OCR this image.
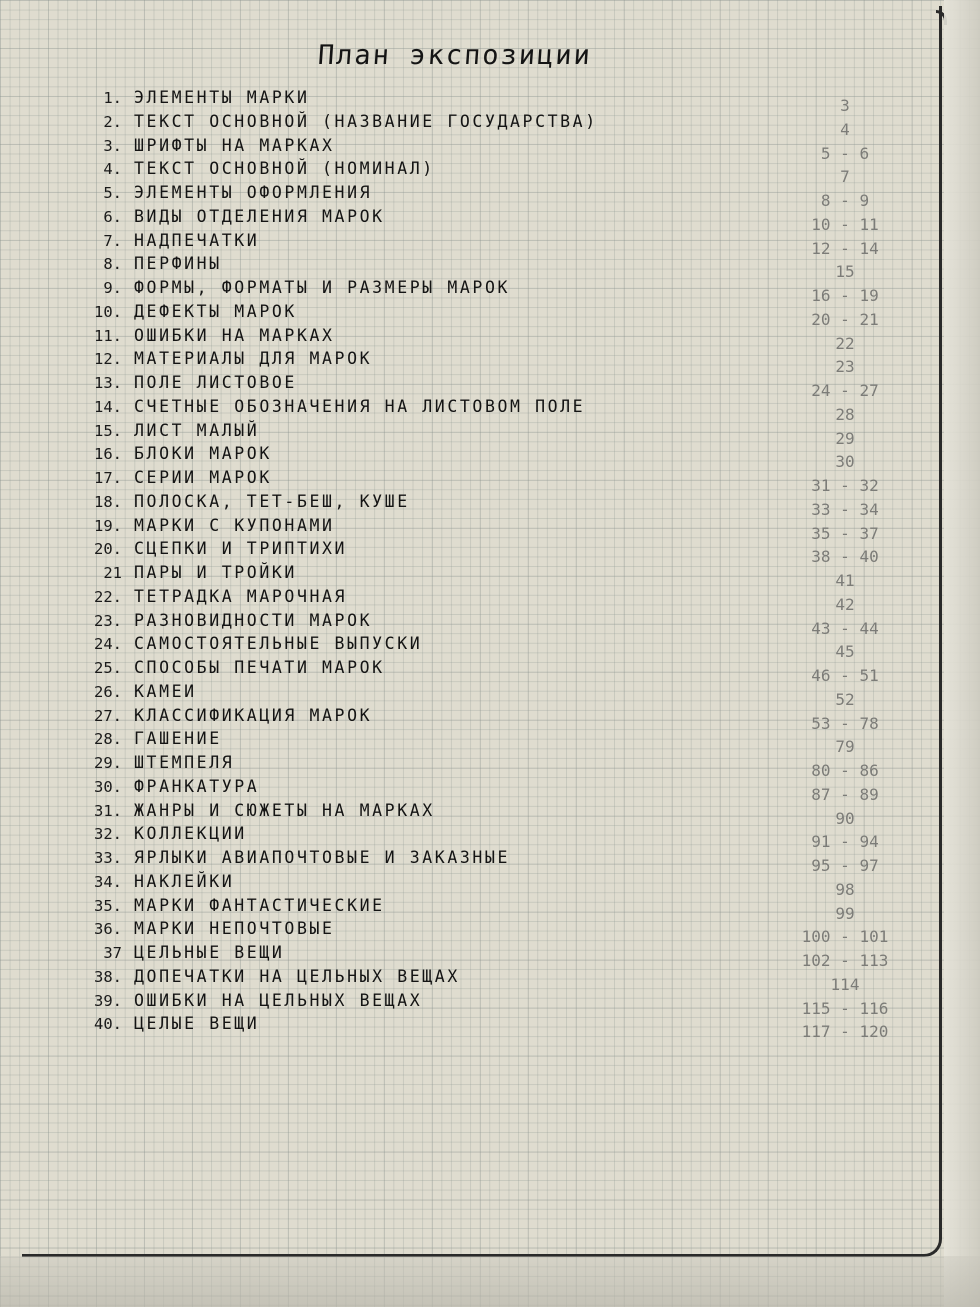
План экспозиции
1. ЭЛЕМЕНТЫ МАРКИ	3
2. ТЕКСТ ОСНОВНОЙ (НАЗВАНИЕ ГОСУДАРСТВА)	4
3. ШРИФТЫ НА МАРКАХ	5 - 6
4. ТЕКСТ ОСНОВНОЙ (НОМИНАЛ)	7
5. ЭЛЕМЕНТЫ ОФОРМЛЕНИЯ	8 - 9
6. ВИДЫ ОТДЕЛЕНИЯ МАРОК	10 - 11
7. НАДПЕЧАТКИ	12 - 14
8. ПЕРФИНЫ	15
9. ФОРМЫ, ФОРМАТЫ И РАЗМЕРЫ МАРОК	16 - 19
10. ДЕФЕКТЫ МАРОК	20 - 21
11. ОШИБКИ НА МАРКАХ	22
12. МАТЕРИАЛЫ ДЛЯ МАРОК	23
13. ПОЛЕ ЛИСТОВОЕ	24 - 27
14. СЧЕТНЫЕ ОБОЗНАЧЕНИЯ НА ЛИСТОВОМ ПОЛЕ	28
15. ЛИСТ МАЛЫЙ	29
16. БЛОКИ МАРОК	30
17. СЕРИИ МАРОК	31 - 32
18. ПОЛОСКА, ТЕТ-БЕШ, КУШЕ	33 - 34
19. МАРКИ С КУПОНАМИ	35 - 37
20. СЦЕПКИ И ТРИПТИХИ	38 - 40
21 ПАРЫ И ТРОЙКИ	41
22. ТЕТРАДКА МАРОЧНАЯ	42
23. РАЗНОВИДНОСТИ МАРОК	43 - 44
24. САМОСТОЯТЕЛЬНЫЕ ВЫПУСКИ	45
25. СПОСОБЫ ПЕЧАТИ МАРОК	46 - 51
26. КАМЕИ	52
27. КЛАССИФИКАЦИЯ МАРОК	53 - 78
28. ГАШЕНИЕ	79
29. ШТЕМПЕЛЯ	80 - 86
30. ФРАНКАТУРА	87 - 89
31. ЖАНРЫ И СЮЖЕТЫ НА МАРКАХ	90
32. КОЛЛЕКЦИИ	91 - 94
33. ЯРЛЫКИ АВИАПОЧТОВЫЕ И ЗАКАЗНЫЕ	95 - 97
34. НАКЛЕЙКИ	98
35. МАРКИ ФАНТАСТИЧЕСКИЕ	99
36. МАРКИ НЕПОЧТОВЫЕ	100 - 101
37 ЦЕЛЬНЫЕ ВЕЩИ	102 - 113
38. ДОПЕЧАТКИ НА ЦЕЛЬНЫХ ВЕЩАХ	114
39. ОШИБКИ НА ЦЕЛЬНЫХ ВЕЩАХ	115 - 116
40. ЦЕЛЫЕ ВЕЩИ	117 - 120
